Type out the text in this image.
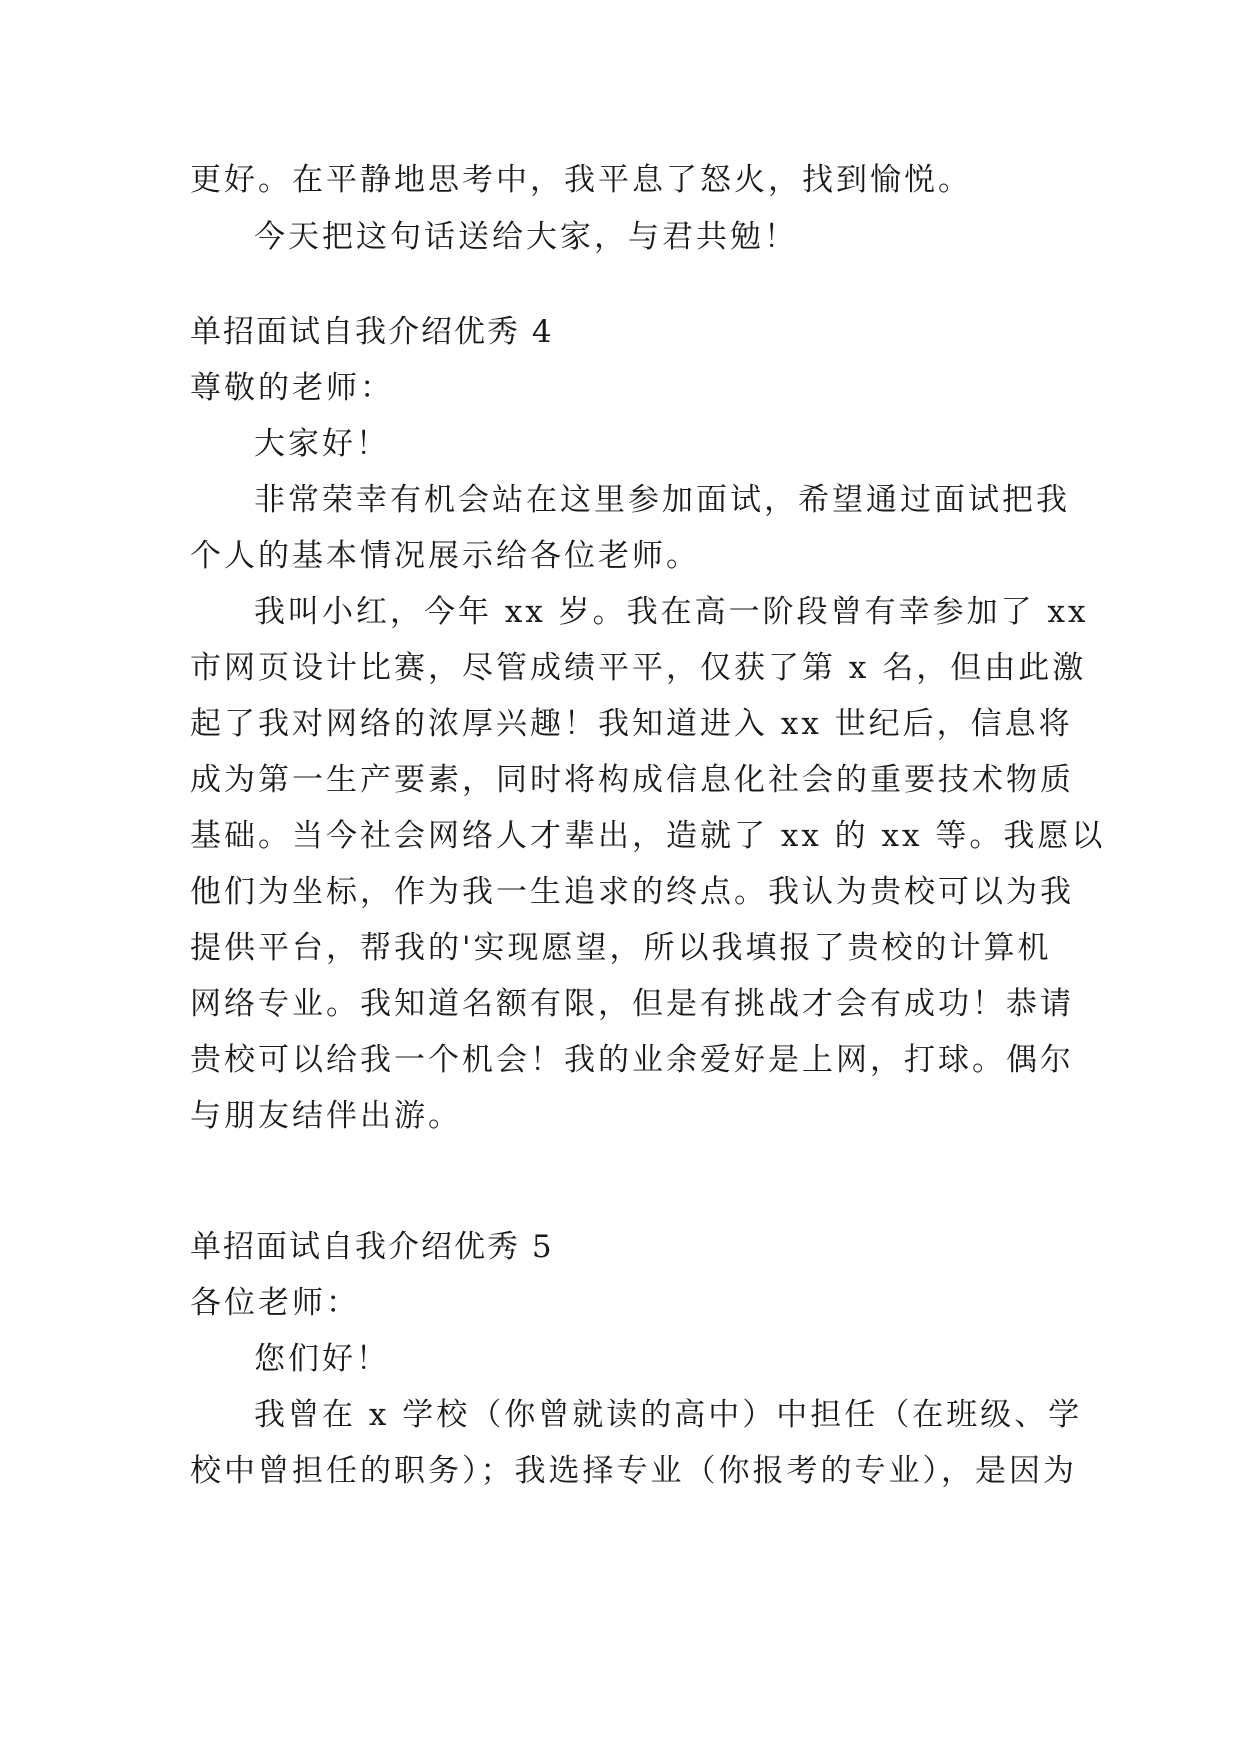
更好。在平静地思考中，我平息了怒火，找到愉悦。
今天把这句话送给大家，与君共勉！
单招面试自我介绍优秀 4
尊敬的老师：
大家好！
非常荣幸有机会站在这里参加面试，希望通过面试把我
个人的基本情况展示给各位老师。
我叫小红，今年 xx 岁。我在高一阶段曾有幸参加了 xx
市网页设计比赛，尽管成绩平平，仅获了第 x 名，但由此激
起了我对网络的浓厚兴趣！我知道进入 xx 世纪后，信息将
成为第一生产要素，同时将构成信息化社会的重要技术物质
基础。当今社会网络人才辈出，造就了 xx 的 xx 等。我愿以
他们为坐标，作为我一生追求的终点。我认为贵校可以为我
提供平台，帮我的'实现愿望，所以我填报了贵校的计算机
网络专业。我知道名额有限，但是有挑战才会有成功！恭请
贵校可以给我一个机会！我的业余爱好是上网，打球。偶尔
与朋友结伴出游。
单招面试自我介绍优秀 5
各位老师：
您们好！
我曾在 x 学校（你曾就读的高中）中担任（在班级、学
校中曾担任的职务）；我选择专业（你报考的专业），是因为
